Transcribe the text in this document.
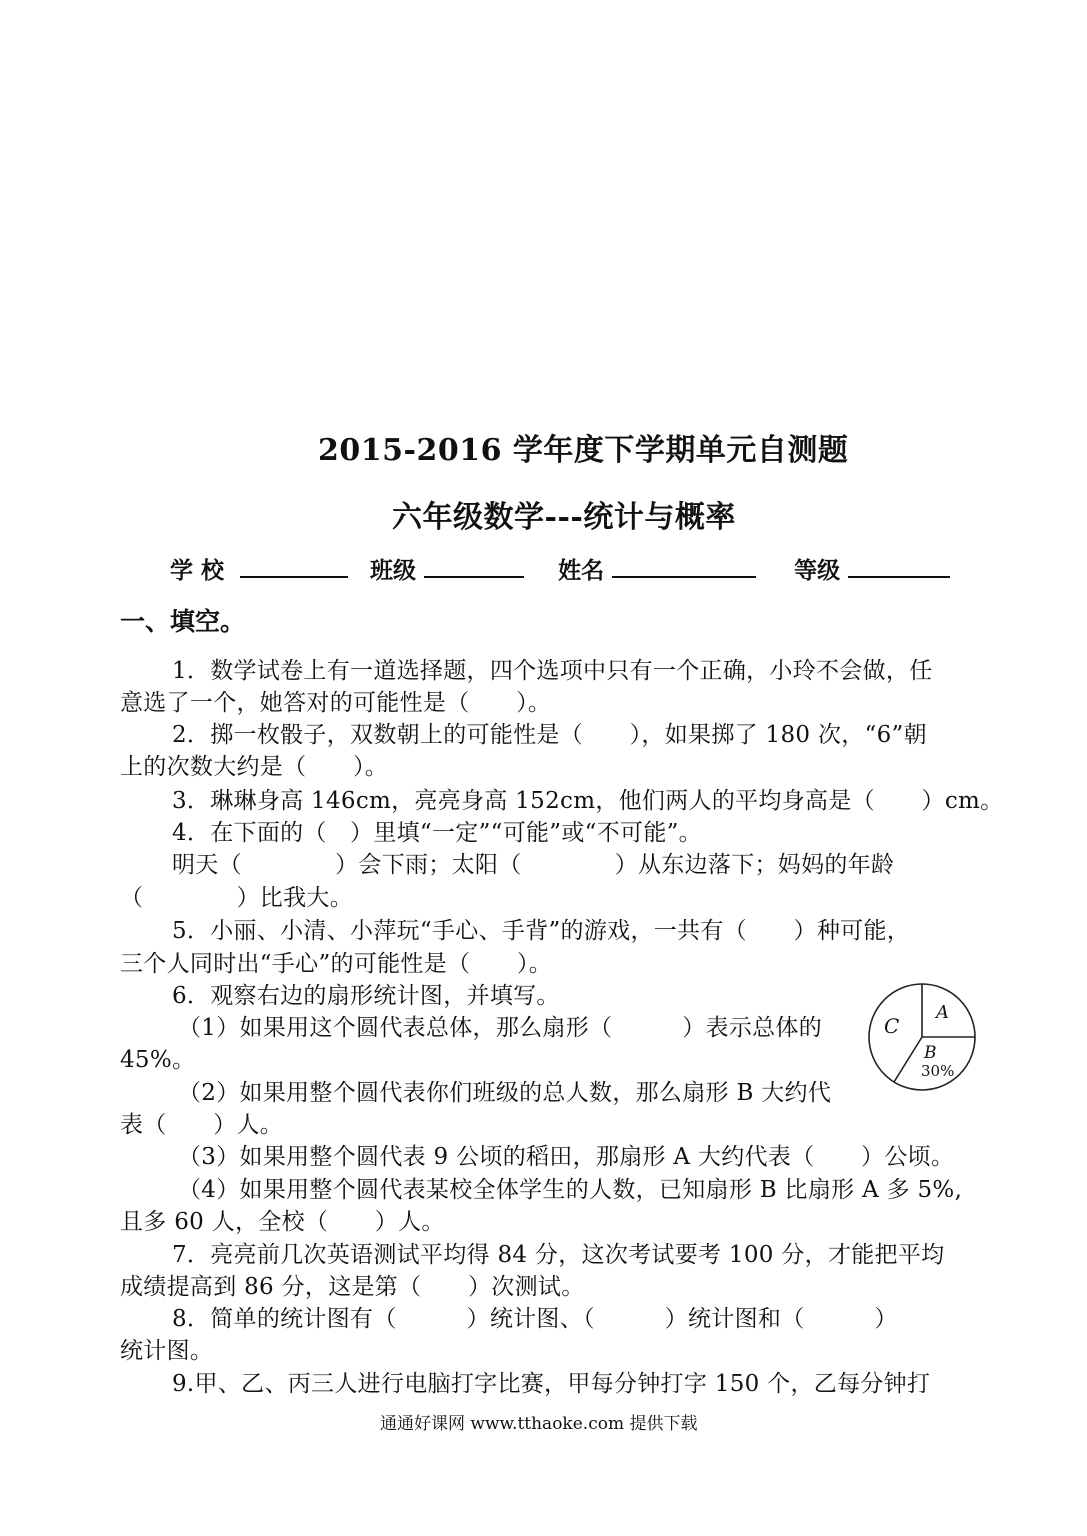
2015-2016 学年度下学期单元自测题
六年级数学---统计与概率
学 校	班级	姓名	等级
一、填空。
1．数学试卷上有一道选择题，四个选项中只有一个正确，小玲不会做，任
意选了一个，她答对的可能性是（　　）。
2．掷一枚骰子，双数朝上的可能性是（　　），如果掷了 180 次，“6”朝
上的次数大约是（　　）。
3．琳琳身高 146cm，亮亮身高 152cm，他们两人的平均身高是（　　）cm。
4．在下面的（　）里填“一定”“可能”或“不可能”。
明天（　　　　）会下雨；太阳（　　　　）从东边落下；妈妈的年龄
（　　　　）比我大。
5．小丽、小清、小萍玩“手心、手背”的游戏，一共有（　　）种可能，
三个人同时出“手心”的可能性是（　　）。
6．观察右边的扇形统计图，并填写。
（1）如果用这个圆代表总体，那么扇形（　　　）表示总体的
45%。
（2）如果用整个圆代表你们班级的总人数，那么扇形 B 大约代
表（　　）人。
（3）如果用整个圆代表 9 公顷的稻田，那扇形 A 大约代表（　　）公顷。
（4）如果用整个圆代表某校全体学生的人数，已知扇形 B 比扇形 A 多 5%,
且多 60 人，全校（　　）人。
7．亮亮前几次英语测试平均得 84 分，这次考试要考 100 分，才能把平均
成绩提高到 86 分，这是第（　　）次测试。
8．简单的统计图有（　　　）统计图、（　　　）统计图和（　　　）
统计图。
9.甲、乙、丙三人进行电脑打字比赛，甲每分钟打字 150 个，乙每分钟打
C
A
B
30%
通通好课网 www.tthaoke.com 提供下载
